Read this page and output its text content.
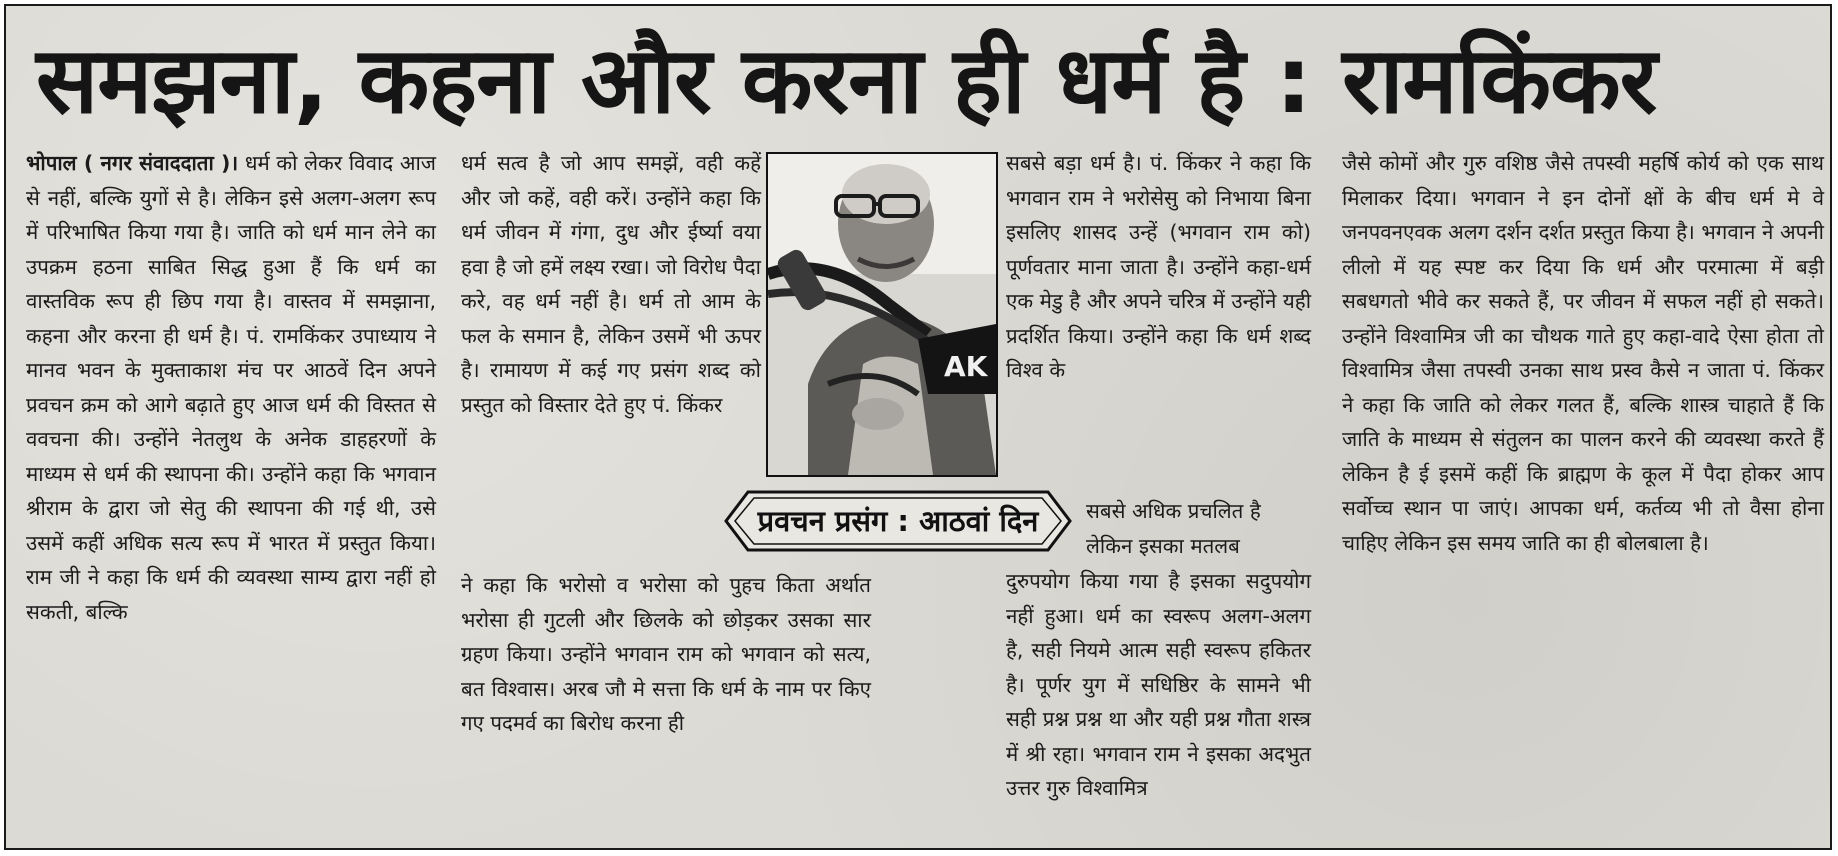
समझना, कहना और करना ही धर्म है : रामकिंकर

भोपाल ( नगर संवाददाता )। धर्म को लेकर विवाद आज से नहीं, बल्कि युगों से है। लेकिन इसे अलग-अलग रूप में परिभाषित किया गया है। जाति को धर्म मान लेने का उपक्रम हठना साबित सिद्ध हुआ हैं कि धर्म का वास्तविक रूप ही छिप गया है। वास्तव में समझाना, कहना और करना ही धर्म है। पं. रामकिंकर उपाध्याय ने मानव भवन के मुक्ताकाश मंच पर आठवें दिन अपने प्रवचन क्रम को आगे बढ़ाते हुए आज धर्म की विस्तत से ववचना की। उन्होंने नेतलुथ के अनेक डाहहरणों के माध्यम से धर्म की स्थापना की। उन्होंने कहा कि भगवान श्रीराम के द्वारा जो सेतु की स्थापना की गई थी, उसे उसमें कहीं अधिक सत्य रूप में भारत में प्रस्तुत किया। राम जी ने कहा कि धर्म की व्यवस्था साम्य द्वारा नहीं हो सकती, बल्कि

धर्म सत्व है जो आप समझें, वही कहें और जो कहें, वही करें। उन्होंने कहा कि धर्म जीवन में गंगा, दुध और ईर्ष्या वया हवा है जो हमें लक्ष्य रखा। जो विरोध पैदा करे, वह धर्म नहीं है। धर्म तो आम के फल के समान है, लेकिन उसमें भी ऊपर है। रामायण में कई गए प्रसंग शब्द को प्रस्तुत को विस्तार देते हुए पं. किंकर

AK

ने कहा कि भरोसो व भरोसा को पुहच किता अर्थात भरोसा ही गुटली और छिलके को छोड़कर उसका सार ग्रहण किया। उन्होंने भगवान राम को भगवान को सत्य, बत विश्वास। अरब जौ मे सत्ता कि धर्म के नाम पर किए गए पदमर्व का बिरोध करना ही

प्रवचन प्रसंग : आठवां दिन

सबसे बड़ा धर्म है। पं. किंकर ने कहा कि भगवान राम ने भरोसेसु को निभाया बिना इसलिए शासद उन्हें (भगवान राम को) पूर्णवतार माना जाता है। उन्होंने कहा-धर्म एक मेडु है और अपने चरित्र में उन्होंने यही प्रदर्शित किया। उन्होंने कहा कि धर्म शब्द विश्व के

सबसे अधिक प्रचलित है लेकिन इसका मतलब

दुरुपयोग किया गया है इसका सदुपयोग नहीं हुआ। धर्म का स्वरूप अलग-अलग है, सही नियमे आत्म सही स्वरूप हकितर है। पूर्णर युग में सधिष्ठिर के सामने भी सही प्रश्न प्रश्न था और यही प्रश्न गौता शस्त्र में श्री रहा। भगवान राम ने इसका अदभुत उत्तर गुरु विश्वामित्र

जैसे कोमों और गुरु वशिष्ठ जैसे तपस्वी महर्षि कोर्य को एक साथ मिलाकर दिया। भगवान ने इन दोनों क्षों के बीच धर्म मे वे जनपवनएवक अलग दर्शन दर्शत प्रस्तुत किया है। भगवान ने अपनी लीलो में यह स्पष्ट कर दिया कि धर्म और परमात्मा में बड़ी सबधगतो भीवे कर सकते हैं, पर जीवन में सफल नहीं हो सकते। उन्होंने विश्वामित्र जी का चौथक गाते हुए कहा-वादे ऐसा होता तो विश्वामित्र जैसा तपस्वी उनका साथ प्रस्व कैसे न जाता पं. किंकर ने कहा कि जाति को लेकर गलत हैं, बल्कि शास्त्र चाहाते हैं कि जाति के माध्यम से संतुलन का पालन करने की व्यवस्था करते हैं लेकिन है ई इसमें कहीं कि ब्राह्मण के कूल में पैदा होकर आप सर्वोच्च स्थान पा जाएं। आपका धर्म, कर्तव्य भी तो वैसा होना चाहिए लेकिन इस समय जाति का ही बोलबाला है।
